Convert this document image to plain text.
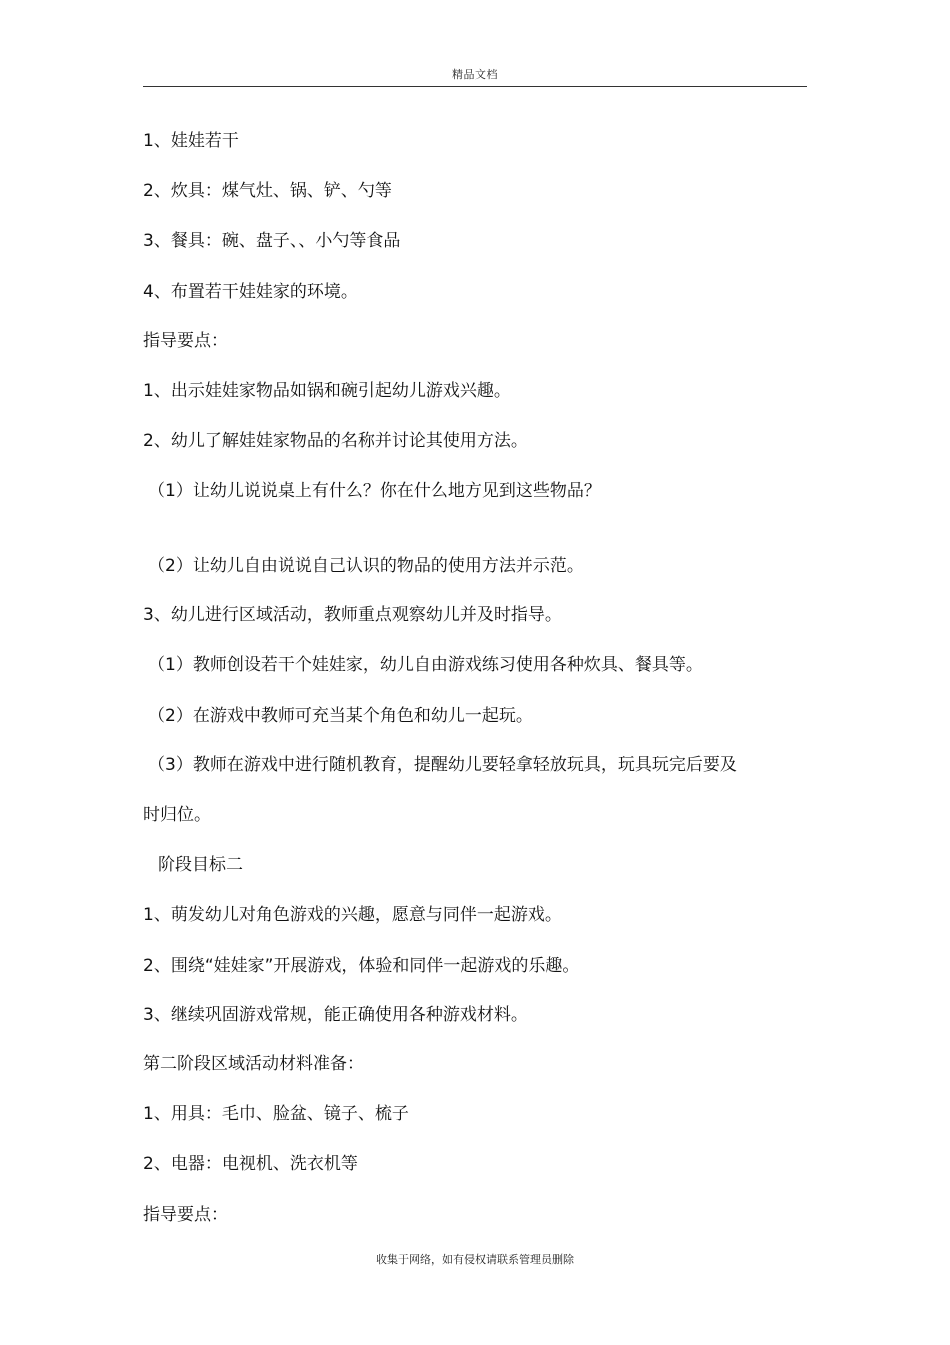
精品文档
1、娃娃若干
2、炊具：煤气灶、锅、铲、勺等
3、餐具：碗、盘子、、小勺等食品
4、布置若干娃娃家的环境。
指导要点：
1、出示娃娃家物品如锅和碗引起幼儿游戏兴趣。
2、幼儿了解娃娃家物品的名称并讨论其使用方法。
（1）让幼儿说说桌上有什么？你在什么地方见到这些物品？
（2）让幼儿自由说说自己认识的物品的使用方法并示范。
3、幼儿进行区域活动，教师重点观察幼儿并及时指导。
（1）教师创设若干个娃娃家，幼儿自由游戏练习使用各种炊具、餐具等。
（2）在游戏中教师可充当某个角色和幼儿一起玩。
（3）教师在游戏中进行随机教育，提醒幼儿要轻拿轻放玩具，玩具玩完后要及
时归位。
阶段目标二
1、萌发幼儿对角色游戏的兴趣，愿意与同伴一起游戏。
2、围绕“娃娃家”开展游戏，体验和同伴一起游戏的乐趣。
3、继续巩固游戏常规，能正确使用各种游戏材料。
第二阶段区域活动材料准备：
1、用具：毛巾、脸盆、镜子、梳子
2、电器：电视机、洗衣机等
指导要点：
收集于网络，如有侵权请联系管理员删除
